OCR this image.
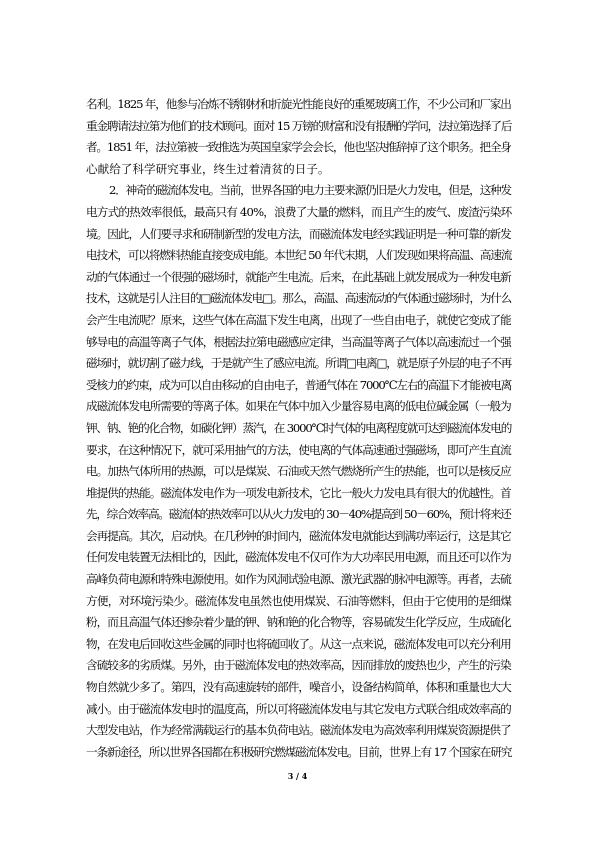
名利。1825 年，他参与冶炼不锈钢材和折旋光性能良好的重冕玻璃工作，不少公司和厂家出
重金聘请法拉第为他们的技术顾问。面对 15 万镑的财富和没有报酬的学问，法拉第选择了后
者。1851 年，法拉第被一致推选为英国皇家学会会长，他也坚决推辞掉了这个职务。把全身
心献给了科学研究事业，终生过着清贫的日子。
2．神奇的磁流体发电。当前，世界各国的电力主要来源仍旧是火力发电，但是，这种发
电方式的热效率很低，最高只有 40%，浪费了大量的燃料，而且产生的废气、废渣污染环
境。因此，人们要寻求和研制新型的发电方法，而磁流体发电经实践证明是一种可靠的新发
电技术，可以将燃料热能直接变成电能。本世纪 50 年代末期，人们发现如果将高温、高速流
动的气体通过一个很强的磁场时，就能产生电流。后来，在此基础上就发展成为一种发电新
技术，这就是引人注目的□磁流体发电□。那么，高温、高速流动的气体通过磁场时，为什么
会产生电流呢？原来，这些气体在高温下发生电离，出现了一些自由电子，就使它变成了能
够导电的高温等离子气体，根据法拉第电磁感应定律，当高温等离子气体以高速流过一个强
磁场时，就切割了磁力线，于是就产生了感应电流。所谓□电离□，就是原子外层的电子不再
受核力的约束，成为可以自由移动的自由电子，普通气体在 7000℃左右的高温下才能被电离
成磁流体发电所需要的等离子体。如果在气体中加入少量容易电离的低电位碱金属（一般为
钾、钠、铯的化合物，如碳化钾）蒸汽，在 3000℃时气体的电离程度就可达到磁流体发电的
要求，在这种情况下，就可采用抽气的方法，使电离的气体高速通过强磁场，即可产生直流
电。加热气体所用的热源，可以是煤炭、石油或天然气燃烧所产生的热能，也可以是核反应
堆提供的热能。磁流体发电作为一项发电新技术，它比一般火力发电具有很大的优越性。首
先，综合效率高。磁流体的热效率可以从火力发电的 30－40%提高到 50－60%，预计将来还
会再提高。其次，启动快。在几秒钟的时间内，磁流体发电就能达到满功率运行，这是其它
任何发电装置无法相比的，因此，磁流体发电不仅可作为大功率民用电源，而且还可以作为
高峰负荷电源和特殊电源使用。如作为风洞试验电源、激光武器的脉冲电源等。再者，去硫
方便，对环境污染少。磁流体发电虽然也使用煤炭、石油等燃料，但由于它使用的是细煤
粉，而且高温气体还掺杂着少量的钾、钠和铯的化合物等，容易硫发生化学反应，生成硫化
物，在发电后回收这些金属的同时也将硫回收了。从这一点来说，磁流体发电可以充分利用
含硫较多的劣质煤。另外，由于磁流体发电的热效率高，因而排放的废热也少，产生的污染
物自然就少多了。第四，没有高速旋转的部件，噪音小，设备结构简单，体积和重量也大大
减小。由于磁流体发电时的温度高，所以可将磁流体发电与其它发电方式联合组成效率高的
大型发电站，作为经常满载运行的基本负荷电站。磁流体发电为高效率利用煤炭资源提供了
一条新途径，所以世界各国都在积极研究燃煤磁流体发电。目前，世界上有 17 个国家在研究
3 / 4
